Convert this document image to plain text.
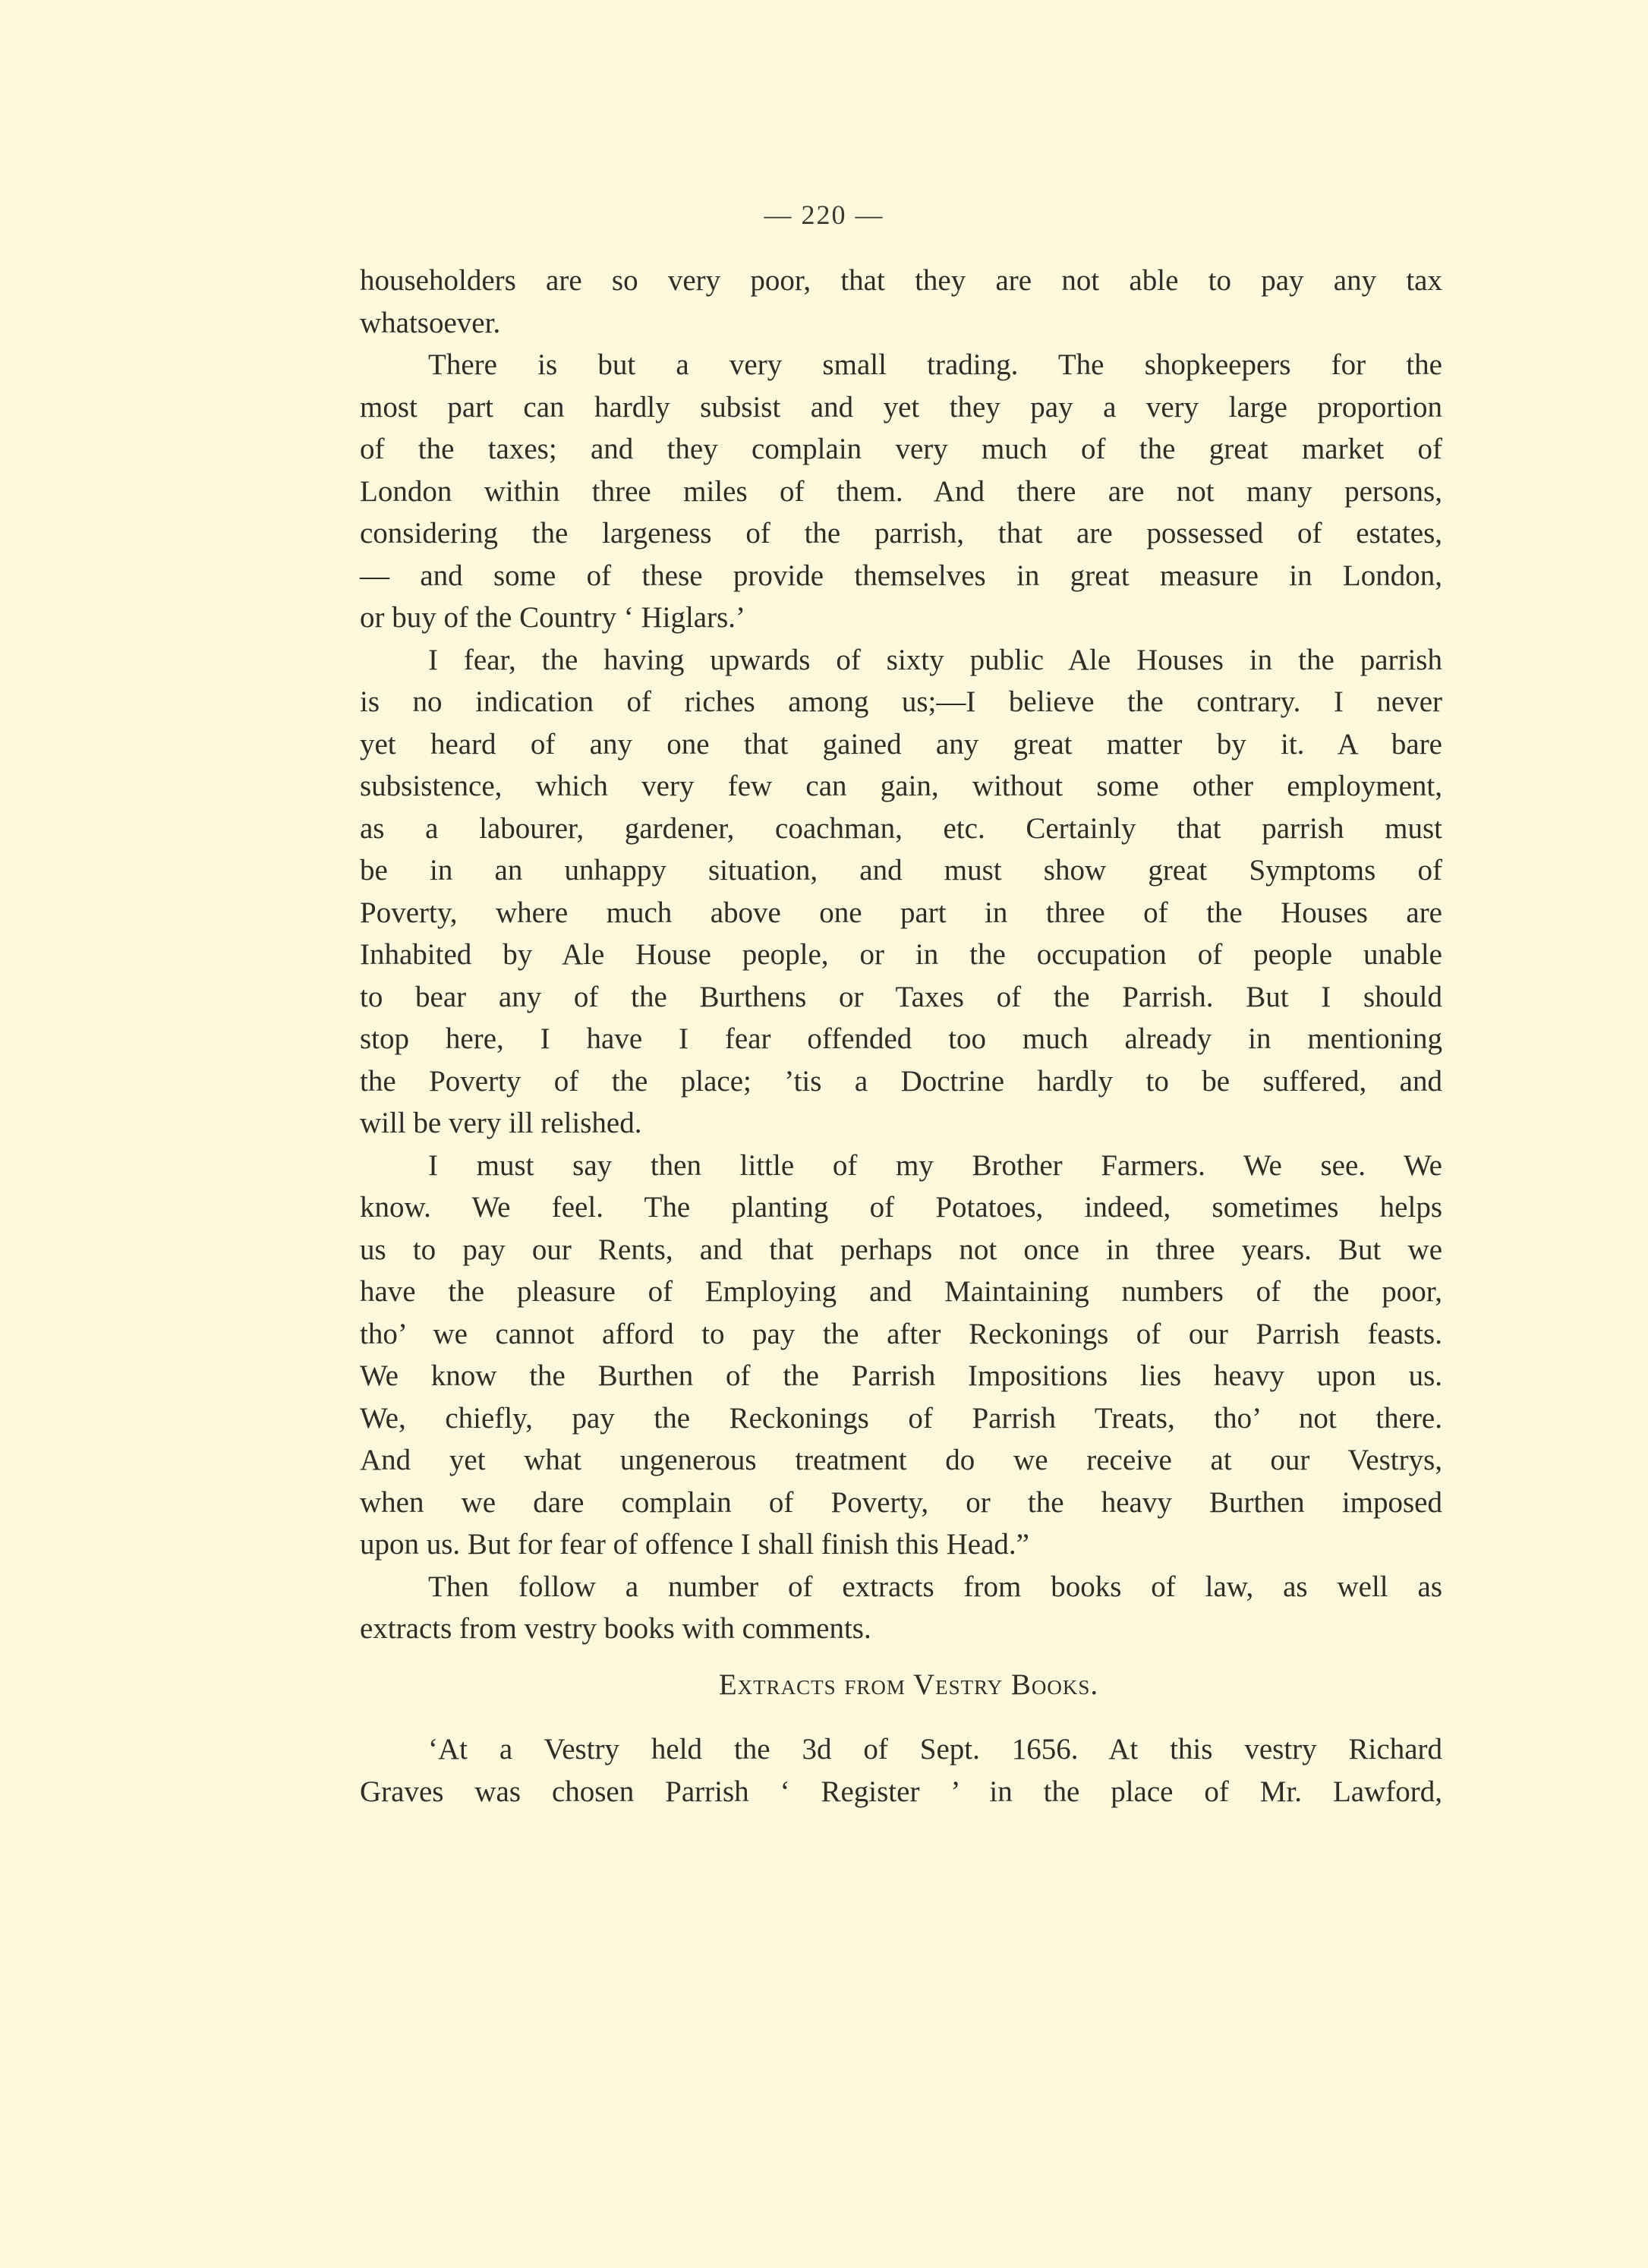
— 220 —
householders are so very poor, that they are not able to pay any tax
whatsoever.
There is but a very small trading. The shopkeepers for the
most part can hardly subsist and yet they pay a very large proportion
of the taxes; and they complain very much of the great market of
London within three miles of them. And there are not many persons,
considering the largeness of the parrish, that are possessed of estates,
— and some of these provide themselves in great measure in London,
or buy of the Country ‘ Higlars.’
I fear, the having upwards of sixty public Ale Houses in the parrish
is no indication of riches among us;—I believe the contrary. I never
yet heard of any one that gained any great matter by it. A bare
subsistence, which very few can gain, without some other employment,
as a labourer, gardener, coachman, etc. Certainly that parrish must
be in an unhappy situation, and must show great Symptoms of
Poverty, where much above one part in three of the Houses are
Inhabited by Ale House people, or in the occupation of people unable
to bear any of the Burthens or Taxes of the Parrish. But I should
stop here, I have I fear offended too much already in mentioning
the Poverty of the place; ’tis a Doctrine hardly to be suffered, and
will be very ill relished.
I must say then little of my Brother Farmers. We see. We
know. We feel. The planting of Potatoes, indeed, sometimes helps
us to pay our Rents, and that perhaps not once in three years. But we
have the pleasure of Employing and Maintaining numbers of the poor,
tho’ we cannot afford to pay the after Reckonings of our Parrish feasts.
We know the Burthen of the Parrish Impositions lies heavy upon us.
We, chiefly, pay the Reckonings of Parrish Treats, tho’ not there.
And yet what ungenerous treatment do we receive at our Vestrys,
when we dare complain of Poverty, or the heavy Burthen imposed
upon us. But for fear of offence I shall finish this Head.”
Then follow a number of extracts from books of law, as well as
extracts from vestry books with comments.
Extracts from Vestry Books.
‘At a Vestry held the 3d of Sept. 1656. At this vestry Richard
Graves was chosen Parrish ‘ Register ’ in the place of Mr. Lawford,
